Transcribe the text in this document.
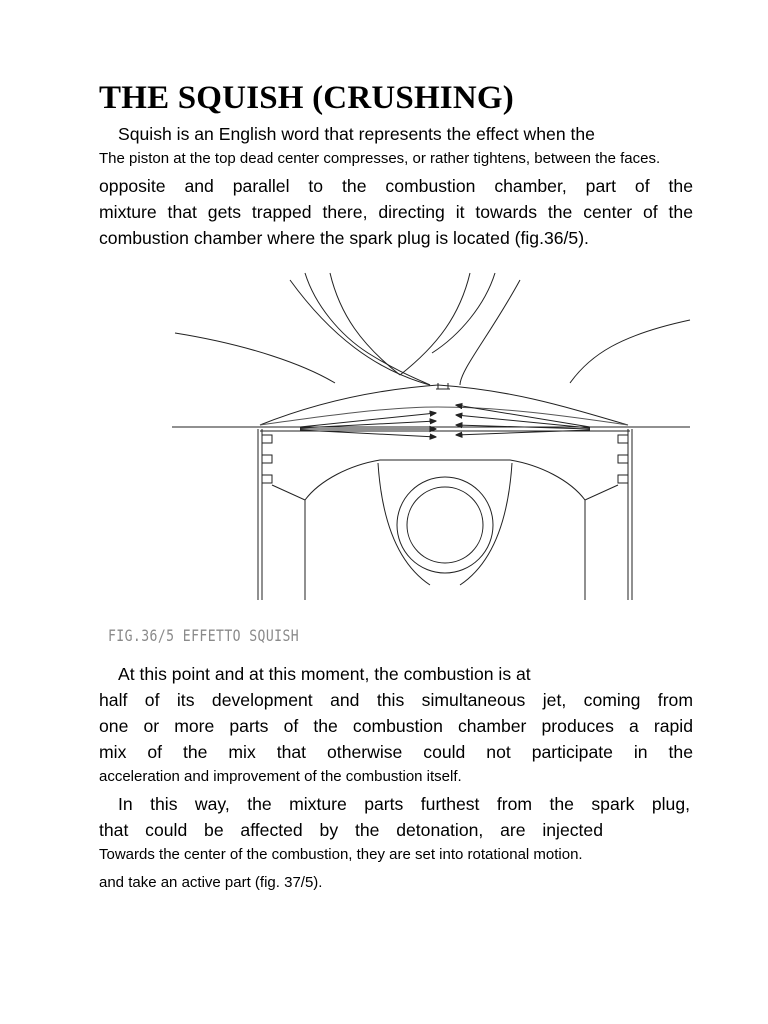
THE SQUISH (CRUSHING)

Squish is an English word that represents the effect when the

The piston at the top dead center compresses, or rather tightens, between the faces.

opposite and parallel to the combustion chamber, part of the

mixture that gets trapped there, directing it towards the center of the

combustion chamber where the spark plug is located (fig.36/5).

FIG.36/5 EFFETTO SQUISH

At this point and at this moment, the combustion is at

half of its development and this simultaneous jet, coming from

one or more parts of the combustion chamber produces a rapid

mix of the mix that otherwise could not participate in the

acceleration and improvement of the combustion itself.

In this way, the mixture parts furthest from the spark plug,

that could be affected by the detonation, are injected

Towards the center of the combustion, they are set into rotational motion.

and take an active part (fig. 37/5).
